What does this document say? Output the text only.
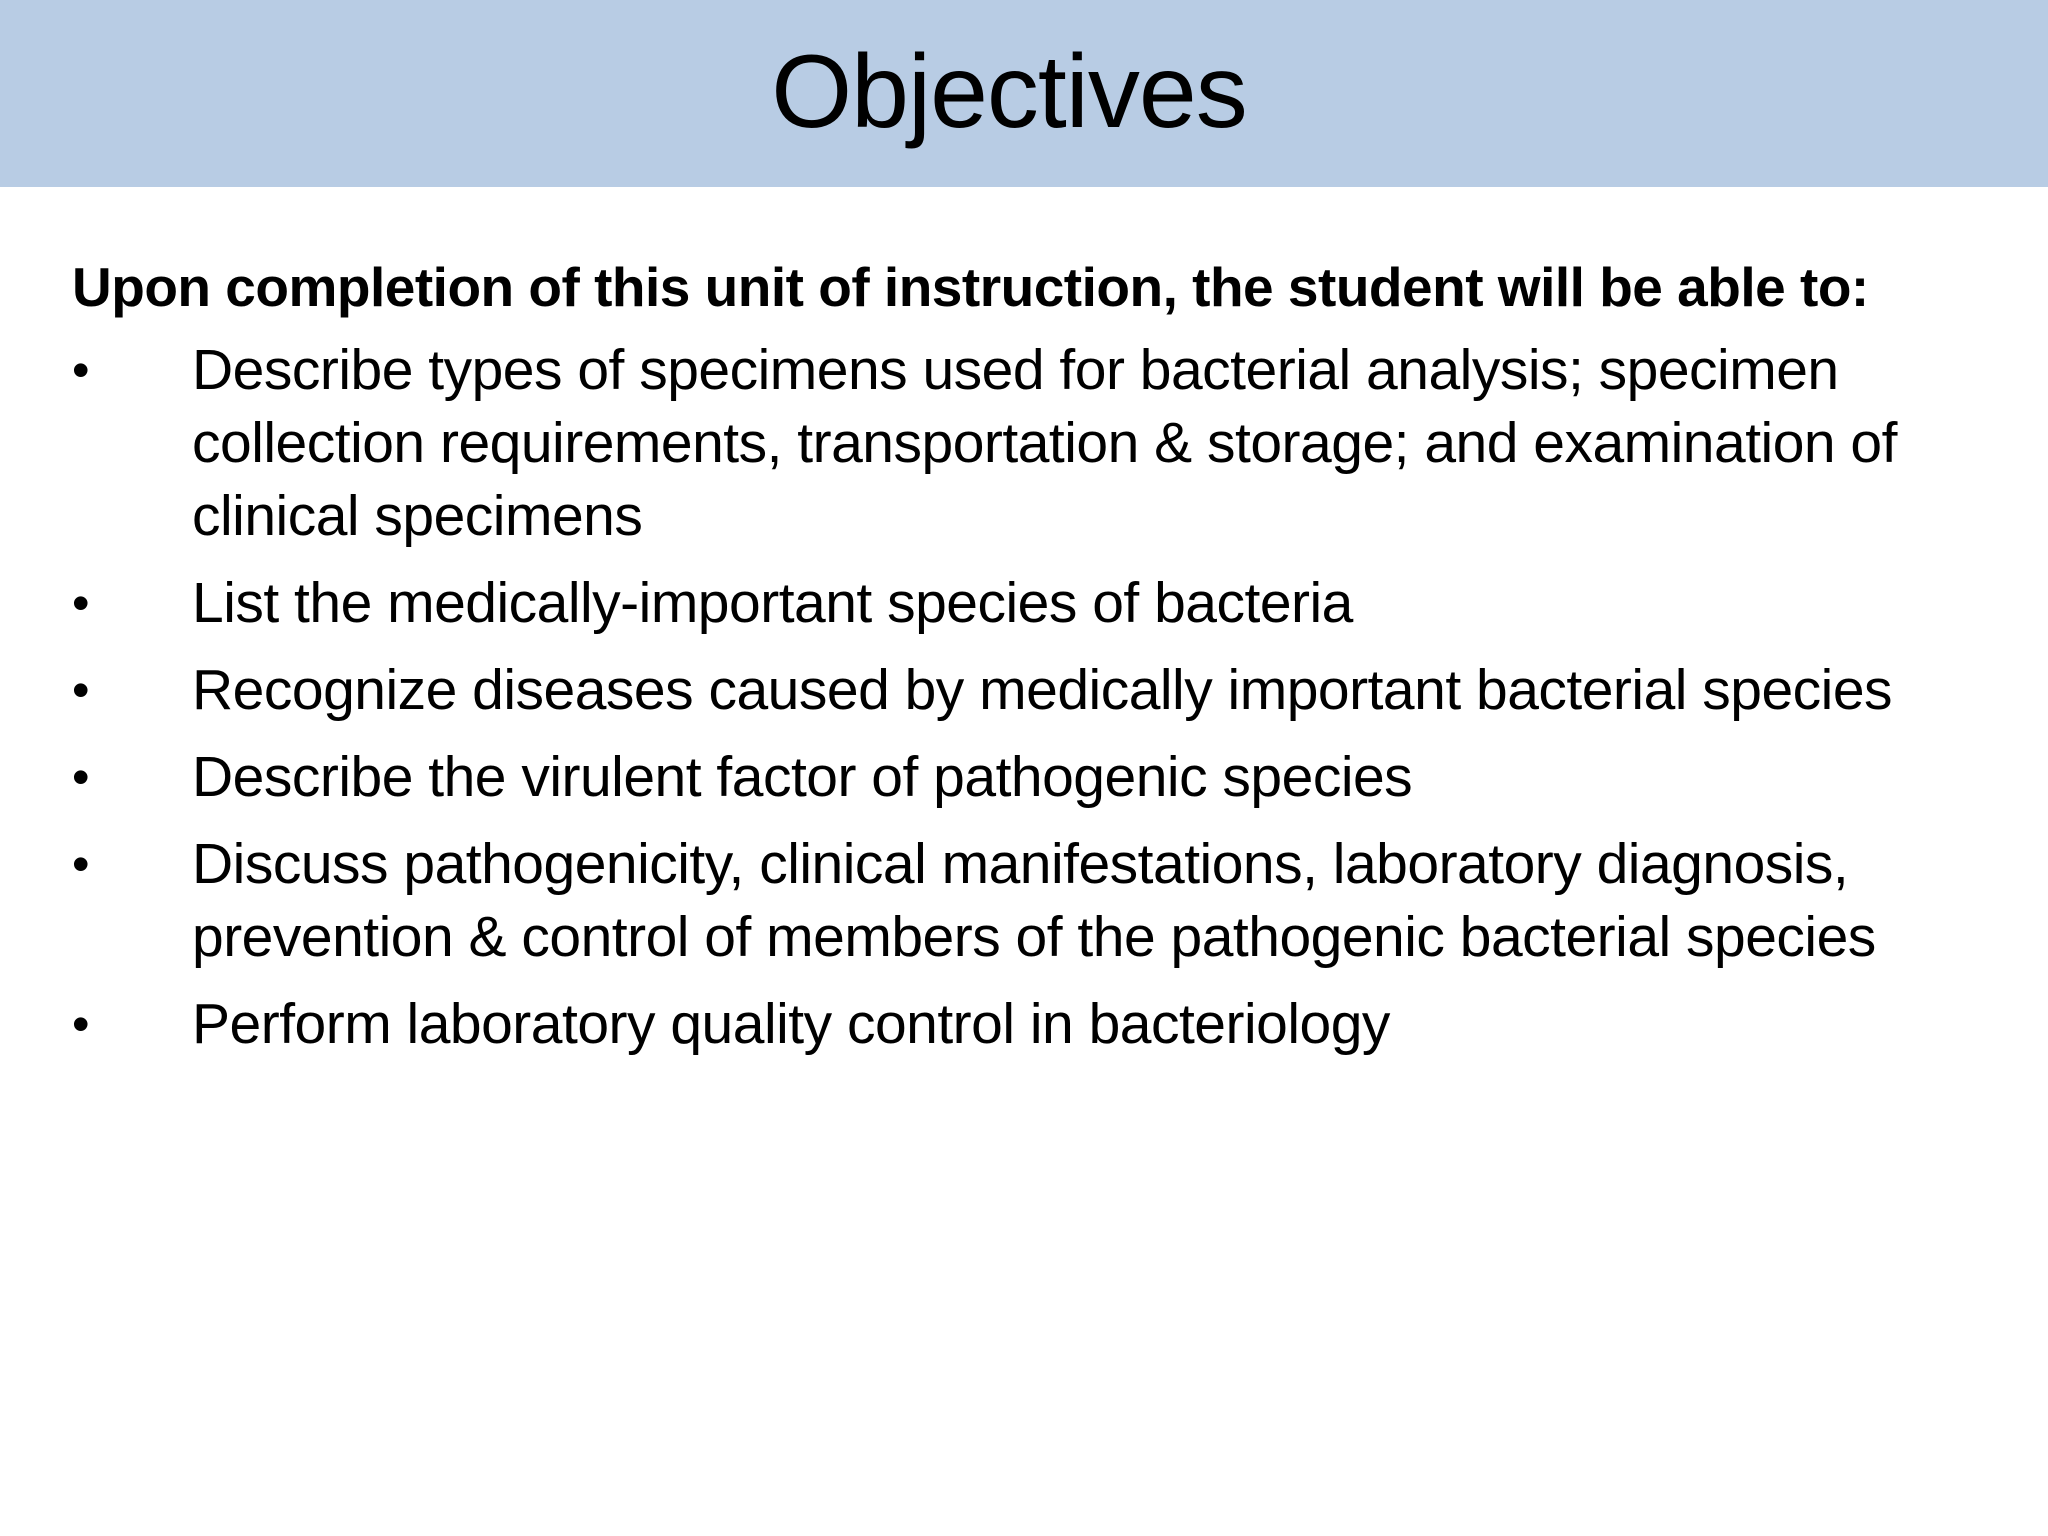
Objectives

Upon completion of this unit of instruction, the student will be able to:

• Describe types of specimens used for bacterial analysis; specimen collection requirements, transportation & storage; and examination of clinical specimens
• List the medically-important species of bacteria
• Recognize diseases caused by medically important bacterial species
• Describe the virulent factor of pathogenic species
• Discuss pathogenicity, clinical manifestations, laboratory diagnosis, prevention & control of members of the pathogenic bacterial species
• Perform laboratory quality control in bacteriology
